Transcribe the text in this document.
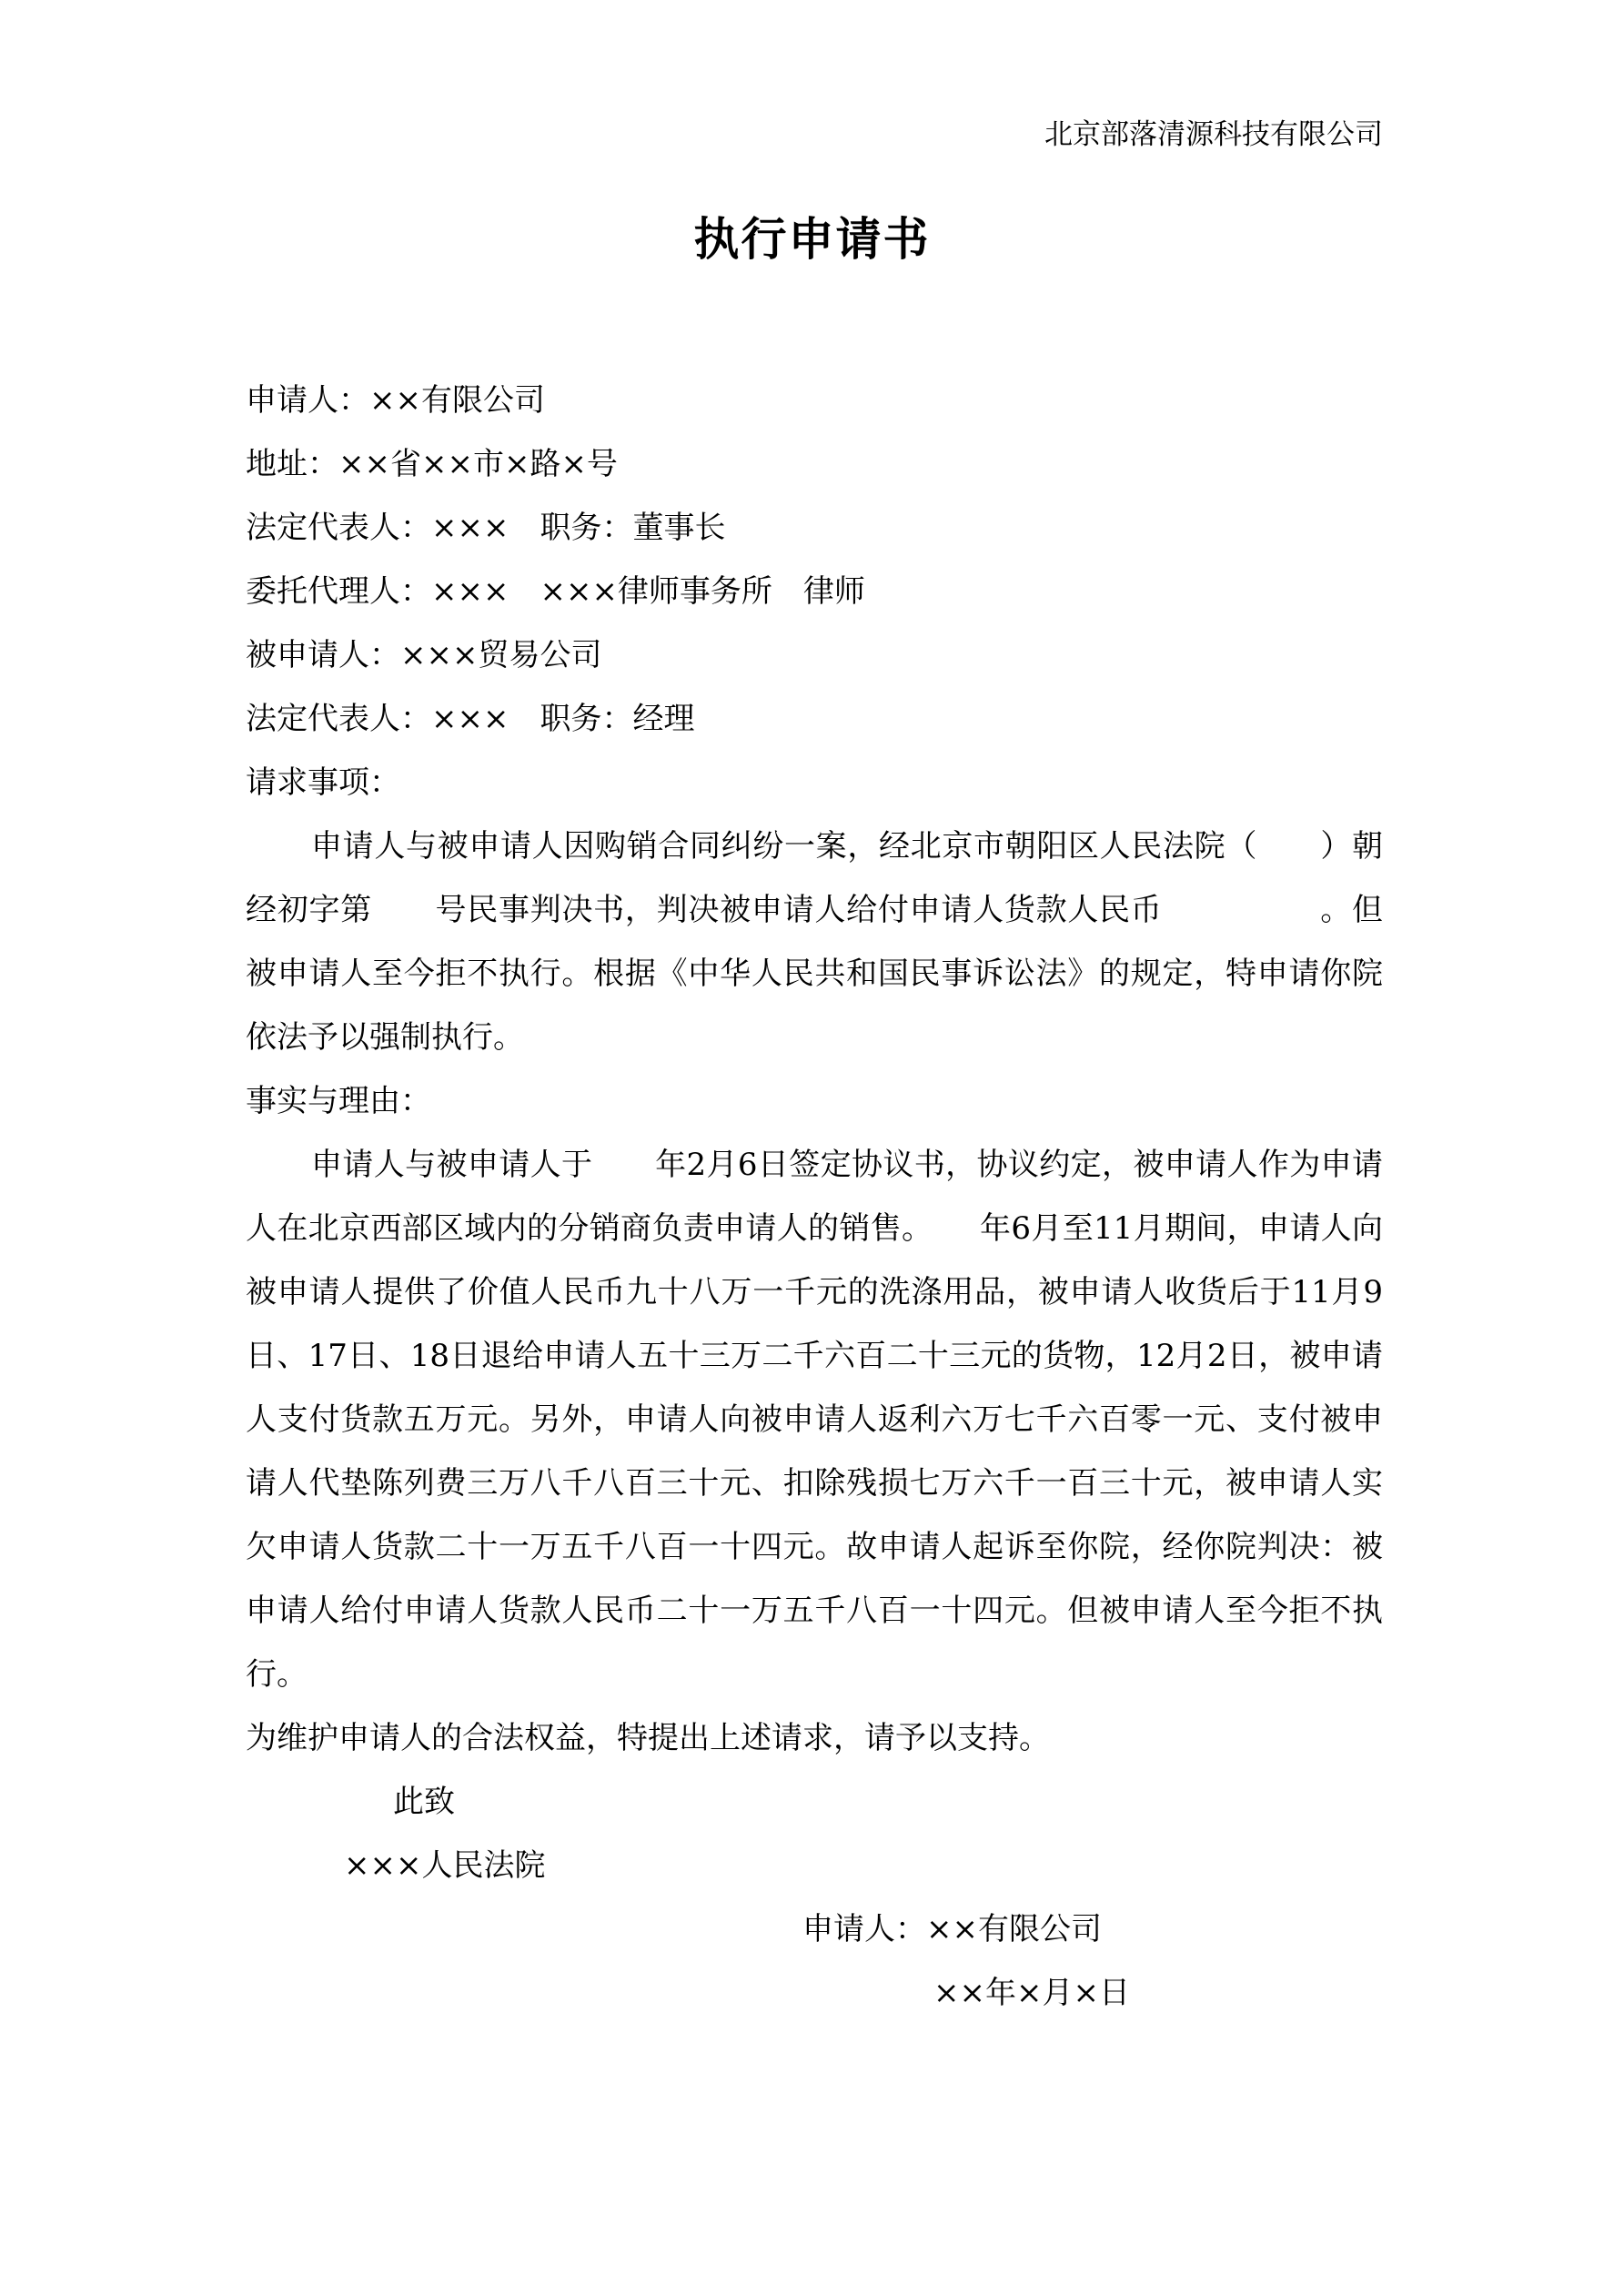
北京部落清源科技有限公司
执行申请书
申请人：××有限公司
地址：××省××市×路×号
法定代表人：×××　职务：董事长
委托代理人：×××　×××律师事务所　律师
被申请人：×××贸易公司
法定代表人：×××　职务：经理
请求事项：
申请人与被申请人因购销合同纠纷一案，经北京市朝阳区人民法院（　　）朝经初字第　　号民事判决书，判决被申请人给付申请人货款人民币　　　　　。但被申请人至今拒不执行。根据《中华人民共和国民事诉讼法》的规定，特申请你院依法予以强制执行。
事实与理由：
申请人与被申请人于　　年2月6日签定协议书，协议约定，被申请人作为申请人在北京西部区域内的分销商负责申请人的销售。　　年6月至11月期间，申请人向被申请人提供了价值人民币九十八万一千元的洗涤用品，被申请人收货后于11月9日、17日、18日退给申请人五十三万二千六百二十三元的货物，12月2日，被申请人支付货款五万元。另外，申请人向被申请人返利六万七千六百零一元、支付被申请人代垫陈列费三万八千八百三十元、扣除残损七万六千一百三十元，被申请人实欠申请人货款二十一万五千八百一十四元。故申请人起诉至你院，经你院判决：被申请人给付申请人货款人民币二十一万五千八百一十四元。但被申请人至今拒不执行。
为维护申请人的合法权益，特提出上述请求，请予以支持。
此致
×××人民法院
申请人：××有限公司
××年×月×日
